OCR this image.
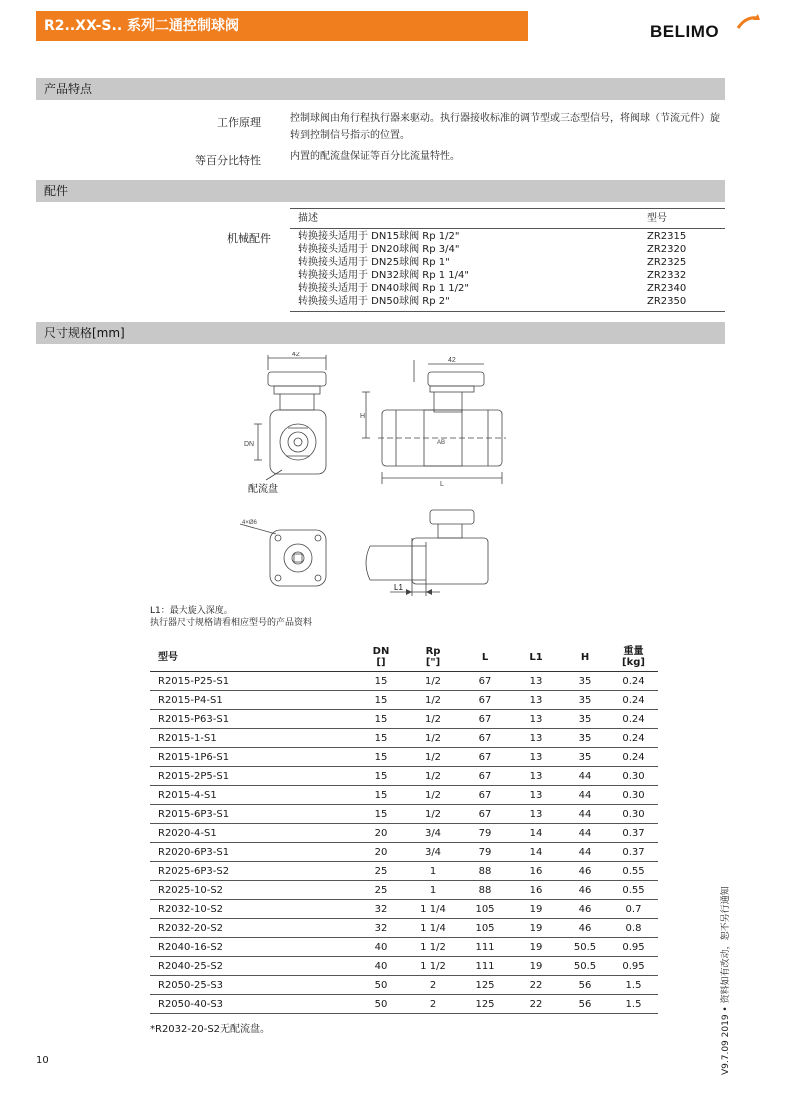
R2..XX-S.. 系列二通控制球阀	BELIMO
产品特点
工作原理	控制球阀由角行程执行器来驱动。执行器接收标准的调节型或三态型信号，将阀球（节流元件）旋转到控制信号指示的位置。
等百分比特性	内置的配流盘保证等百分比流量特性。
配件
机械配件
描述	型号
转换接头适用于 DN15球阀 Rp 1/2"	ZR2315
转换接头适用于 DN20球阀 Rp 3/4"	ZR2320
转换接头适用于 DN25球阀 Rp 1"	ZR2325
转换接头适用于 DN32球阀 Rp 1 1/4"	ZR2332
转换接头适用于 DN40球阀 Rp 1 1/2"	ZR2340
转换接头适用于 DN50球阀 Rp 2"	ZR2350
尺寸规格[mm]
42
42
H
L
DN	AB
4×Ø6
配流盘
L1
L1：最大旋入深度。
执行器尺寸规格请看相应型号的产品资料
型号	DN
[]	Rp
["]	L	L1	H	重量
[kg]
R2015-P25-S1	15	1/2	67	13	35	0.24
R2015-P4-S1	15	1/2	67	13	35	0.24
R2015-P63-S1	15	1/2	67	13	35	0.24
R2015-1-S1	15	1/2	67	13	35	0.24
R2015-1P6-S1	15	1/2	67	13	35	0.24
R2015-2P5-S1	15	1/2	67	13	44	0.30
R2015-4-S1	15	1/2	67	13	44	0.30
R2015-6P3-S1	15	1/2	67	13	44	0.30
R2020-4-S1	20	3/4	79	14	44	0.37
R2020-6P3-S1	20	3/4	79	14	44	0.37
R2025-6P3-S2	25	1	88	16	46	0.55
R2025-10-S2	25	1	88	16	46	0.55
R2032-10-S2	32	1 1/4	105	19	46	0.7
R2032-20-S2	32	1 1/4	105	19	46	0.8
R2040-16-S2	40	1 1/2	111	19	50.5	0.95
R2040-25-S2	40	1 1/2	111	19	50.5	0.95
R2050-25-S3	50	2	125	22	56	1.5
R2050-40-S3	50	2	125	22	56	1.5
*R2032-20-S2无配流盘。
10	V9.7.09 2019 • 资料如有改动，恕不另行通知
